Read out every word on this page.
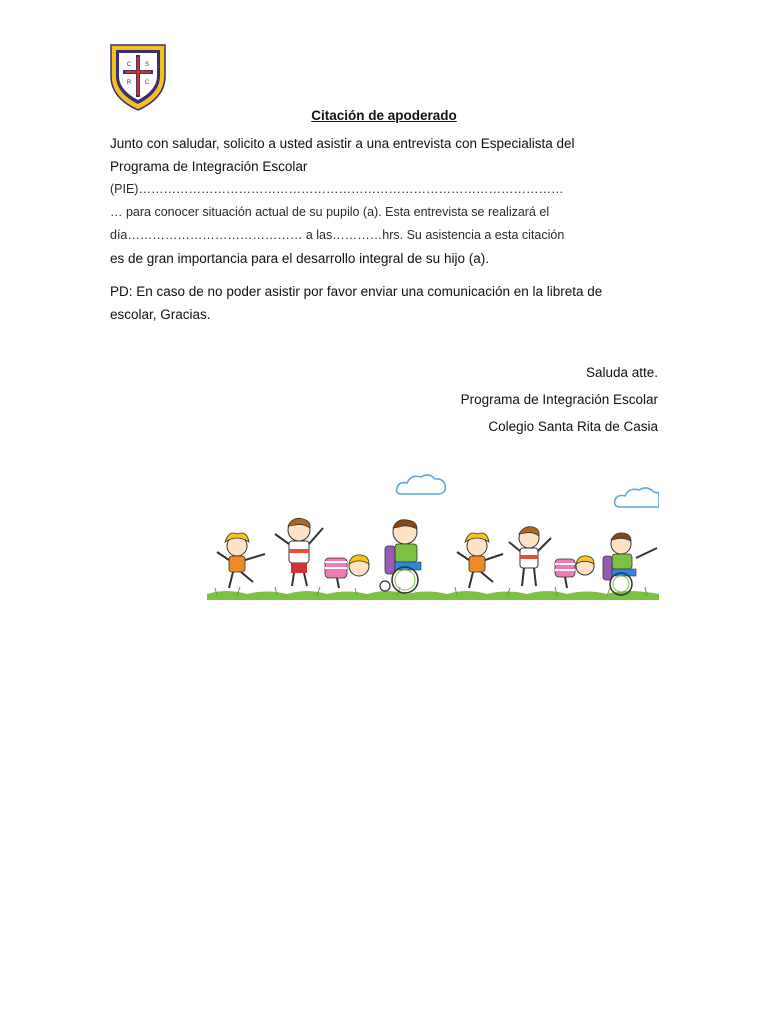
C S
R C
Citación de apoderado
Junto con saludar, solicito a usted asistir a una entrevista con Especialista del
Programa de Integración Escolar
(PIE)…………………………………………………………………………………………
… para conocer situación actual de su pupilo (a). Esta entrevista se realizará el
día…………………………………… a las…………hrs. Su asistencia a esta citación
es de gran importancia para el desarrollo integral de su hijo (a).
PD: En caso de no poder asistir por favor enviar una comunicación en la libreta de
escolar, Gracias.
Saluda atte.
Programa de Integración Escolar
Colegio Santa Rita de Casia
